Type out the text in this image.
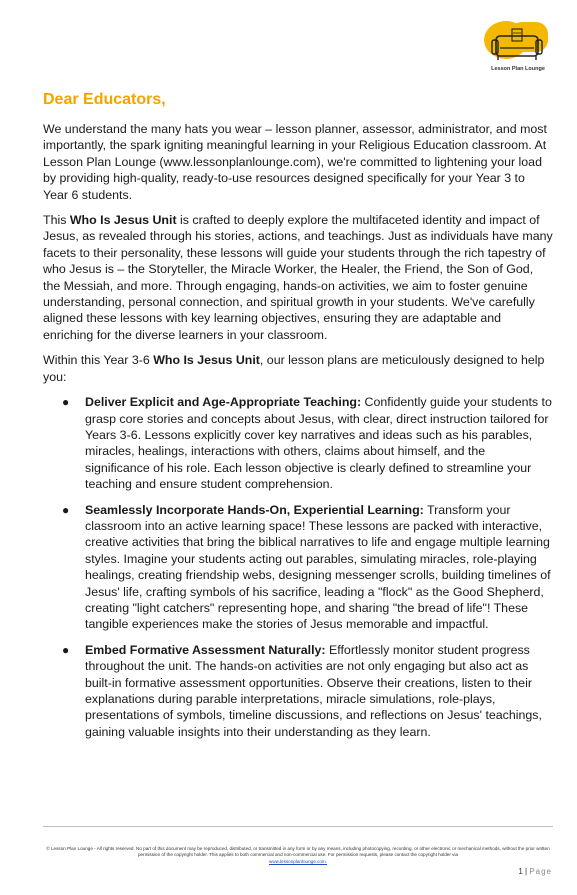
Lesson Plan Lounge
Dear Educators,

We understand the many hats you wear – lesson planner, assessor, administrator, and most importantly, the spark igniting meaningful learning in your Religious Education classroom. At Lesson Plan Lounge (www.lessonplanlounge.com), we're committed to lightening your load by providing high-quality, ready-to-use resources designed specifically for your Year 3 to Year 6 students.

This Who Is Jesus Unit is crafted to deeply explore the multifaceted identity and impact of Jesus, as revealed through his stories, actions, and teachings. Just as individuals have many facets to their personality, these lessons will guide your students through the rich tapestry of who Jesus is – the Storyteller, the Miracle Worker, the Healer, the Friend, the Son of God, the Messiah, and more. Through engaging, hands-on activities, we aim to foster genuine understanding, personal connection, and spiritual growth in your students. We've carefully aligned these lessons with key learning objectives, ensuring they are adaptable and enriching for the diverse learners in your classroom.

Within this Year 3-6 Who Is Jesus Unit, our lesson plans are meticulously designed to help you:

● Deliver Explicit and Age-Appropriate Teaching: Confidently guide your students to grasp core stories and concepts about Jesus, with clear, direct instruction tailored for Years 3-6. Lessons explicitly cover key narratives and ideas such as his parables, miracles, healings, interactions with others, claims about himself, and the significance of his role. Each lesson objective is clearly defined to streamline your teaching and ensure student comprehension.
● Seamlessly Incorporate Hands-On, Experiential Learning: Transform your classroom into an active learning space! These lessons are packed with interactive, creative activities that bring the biblical narratives to life and engage multiple learning styles. Imagine your students acting out parables, simulating miracles, role-playing healings, creating friendship webs, designing messenger scrolls, building timelines of Jesus' life, crafting symbols of his sacrifice, leading a "flock" as the Good Shepherd, creating "light catchers" representing hope, and sharing "the bread of life"! These tangible experiences make the stories of Jesus memorable and impactful.
● Embed Formative Assessment Naturally: Effortlessly monitor student progress throughout the unit. The hands-on activities are not only engaging but also act as built-in formative assessment opportunities. Observe their creations, listen to their explanations during parable interpretations, miracle simulations, role-plays, presentations of symbols, timeline discussions, and reflections on Jesus' teachings, gaining valuable insights into their understanding as they learn.
© Lesson Plan Lounge - All rights reserved. No part of this document may be reproduced, distributed, or transmitted in any form or by any means, including photocopying, recording, or other electronic or mechanical methods, without the prior written permission of the copyright holder. This applies to both commercial and non-commercial use. For permission requests, please contact the copyright holder via
www.lessonplanlounge.com.
1 | Page
